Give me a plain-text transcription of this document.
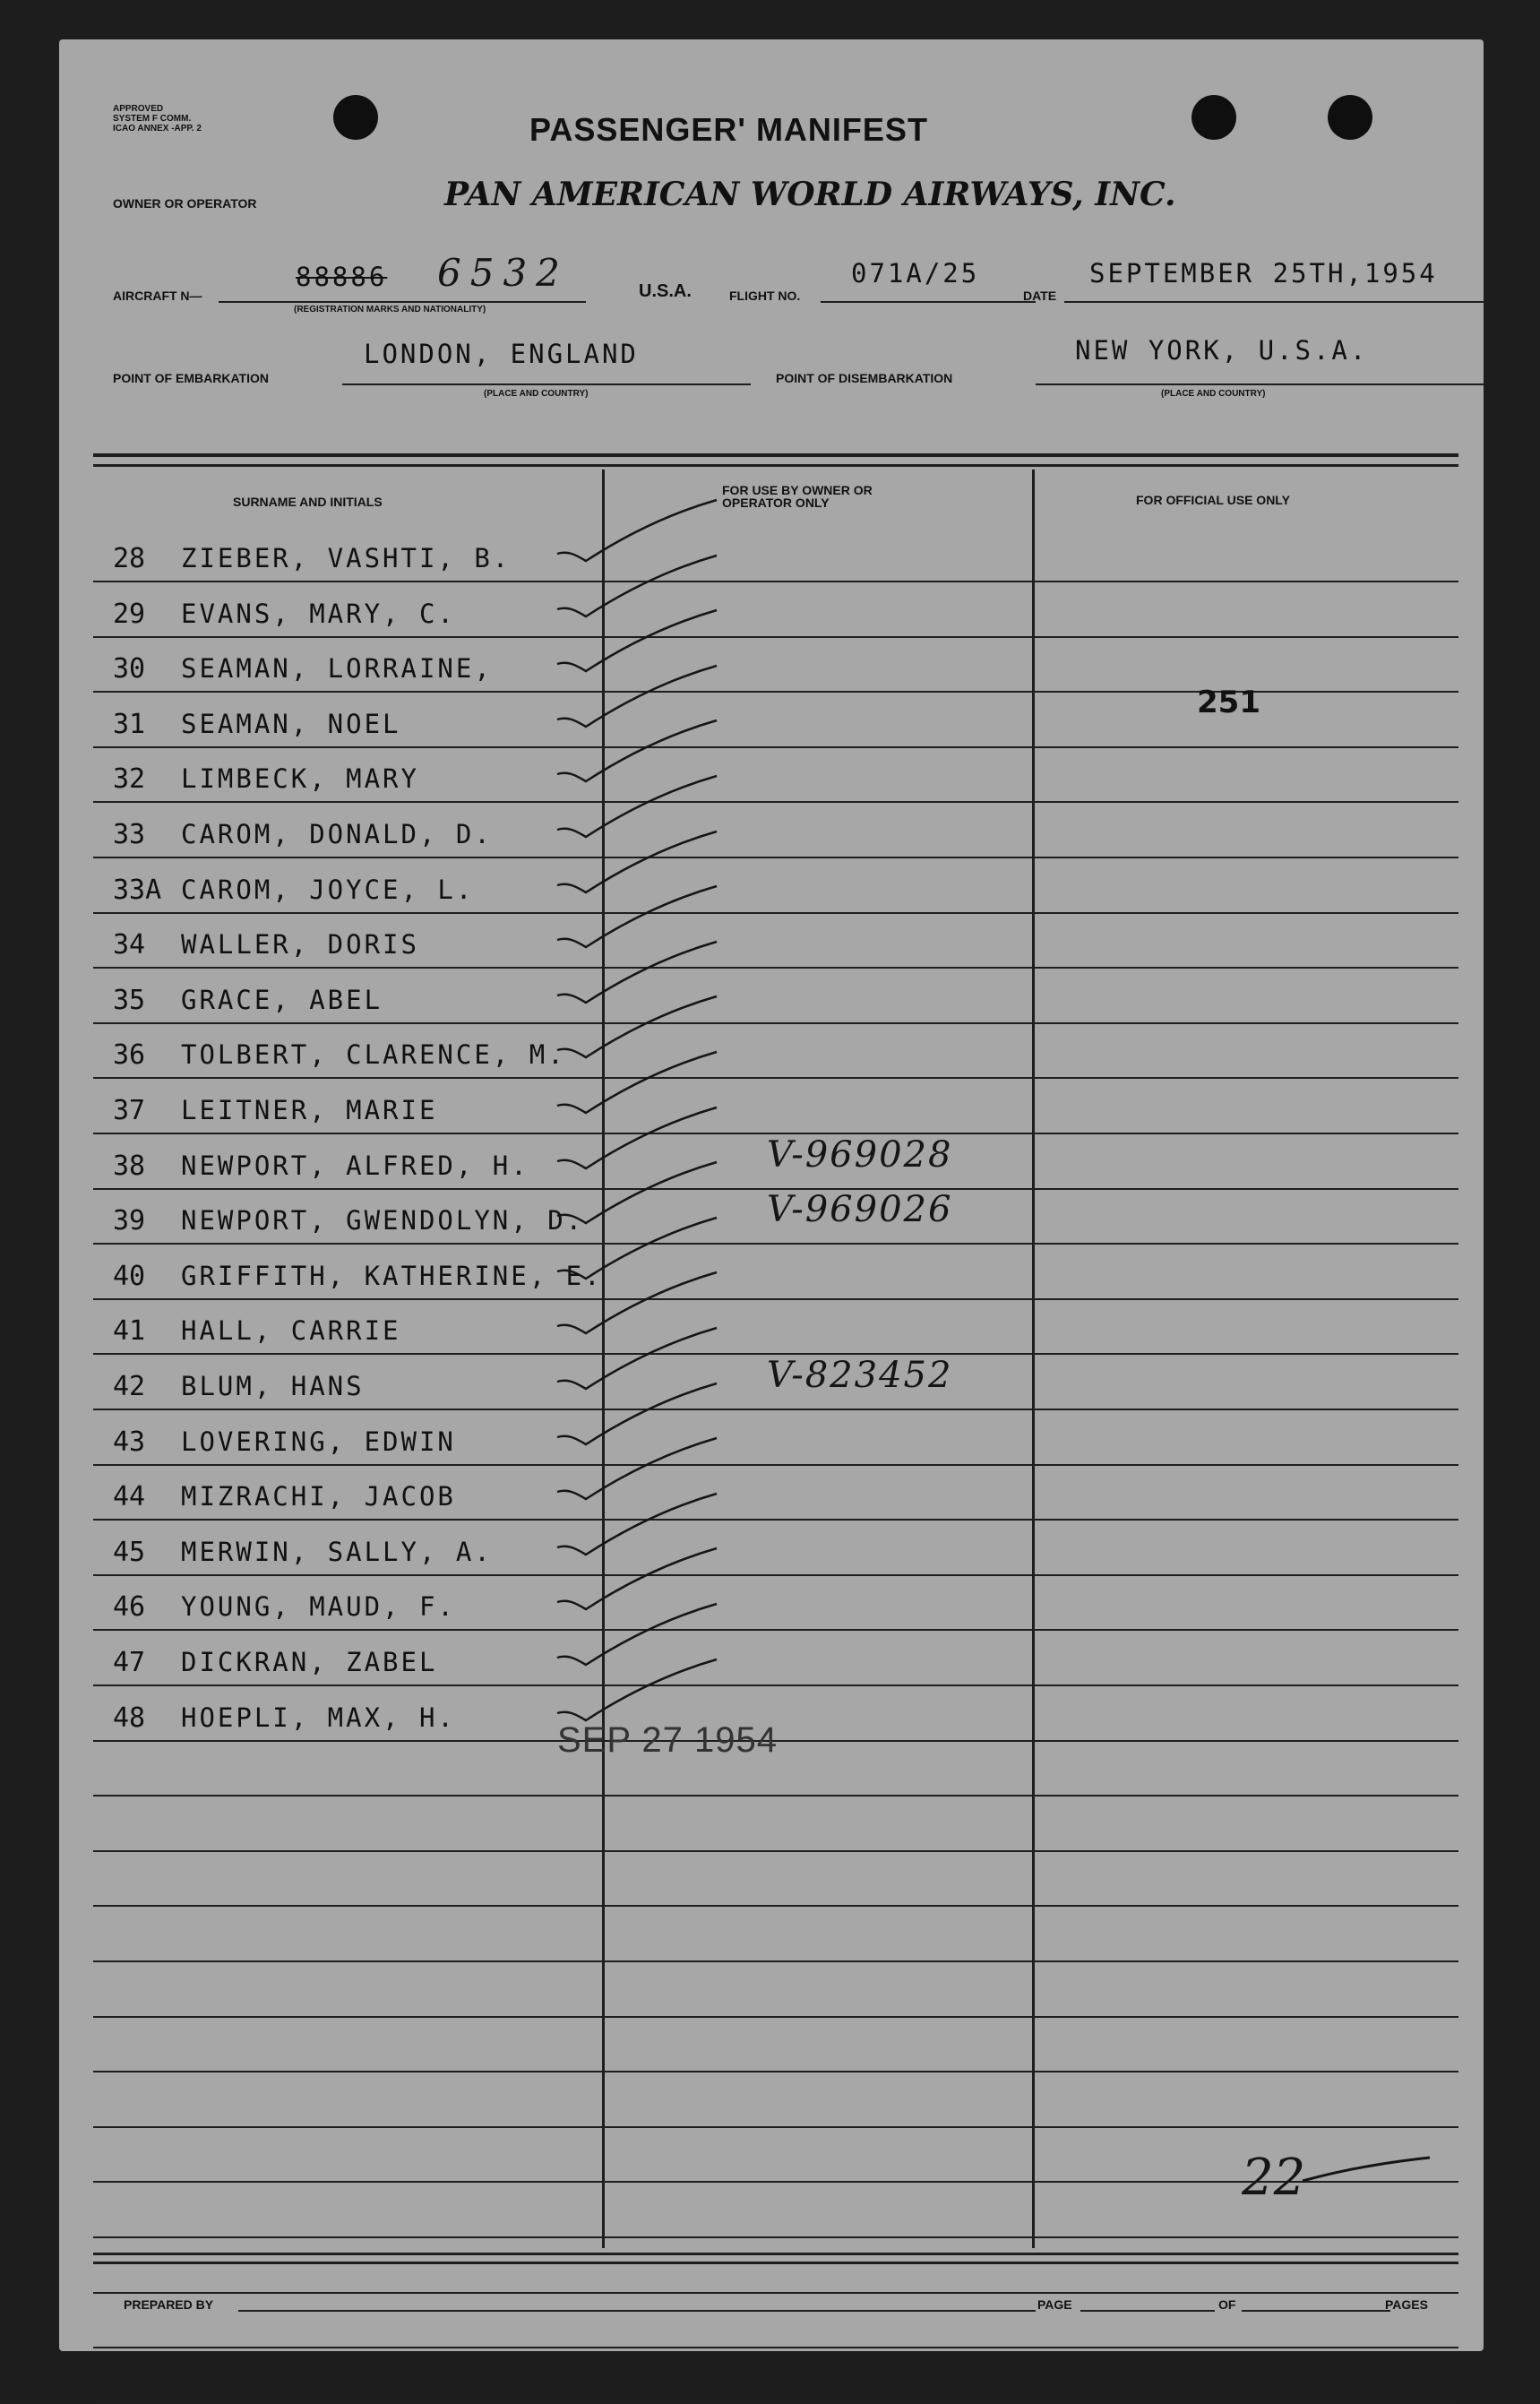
APPROVED
SYSTEM F COMM.
ICAO ANNEX -APP. 2	PASSENGER' MANIFEST
OWNER OR OPERATOR	PAN AMERICAN WORLD AIRWAYS, INC.
AIRCRAFT N—
88886 6532
(REGISTRATION MARKS AND NATIONALITY)
U.S.A.	FLIGHT NO.
071A/25
DATE
SEPTEMBER 25TH,1954
POINT OF EMBARKATION
LONDON, ENGLAND
(PLACE AND COUNTRY)
POINT OF DISEMBARKATION
NEW YORK, U.S.A.
(PLACE AND COUNTRY)
SURNAME AND INITIALS
FOR USE BY OWNER OR OPERATOR ONLY	FOR OFFICIAL USE ONLY
28 ZIEBER, VASHTI, B.
29 EVANS, MARY, C.
30 SEAMAN, LORRAINE,
31 SEAMAN, NOEL
32 LIMBECK, MARY
33 CAROM, DONALD, D.
33A CAROM, JOYCE, L.
34 WALLER, DORIS
35 GRACE, ABEL
36 TOLBERT, CLARENCE, M.
37 LEITNER, MARIE
38 NEWPORT, ALFRED, H.	V-969028
39 NEWPORT, GWENDOLYN, D.	V-969026
40 GRIFFITH, KATHERINE, E.
41 HALL, CARRIE
42 BLUM, HANS	V-823452
43 LOVERING, EDWIN
44 MIZRACHI, JACOB
45 MERWIN, SALLY, A.
46 YOUNG, MAUD, F.
47 DICKRAN, ZABEL
48 HOEPLI, MAX, H.
251
SEP 27 1954
22
PREPARED BY	PAGE	OF	PAGES
